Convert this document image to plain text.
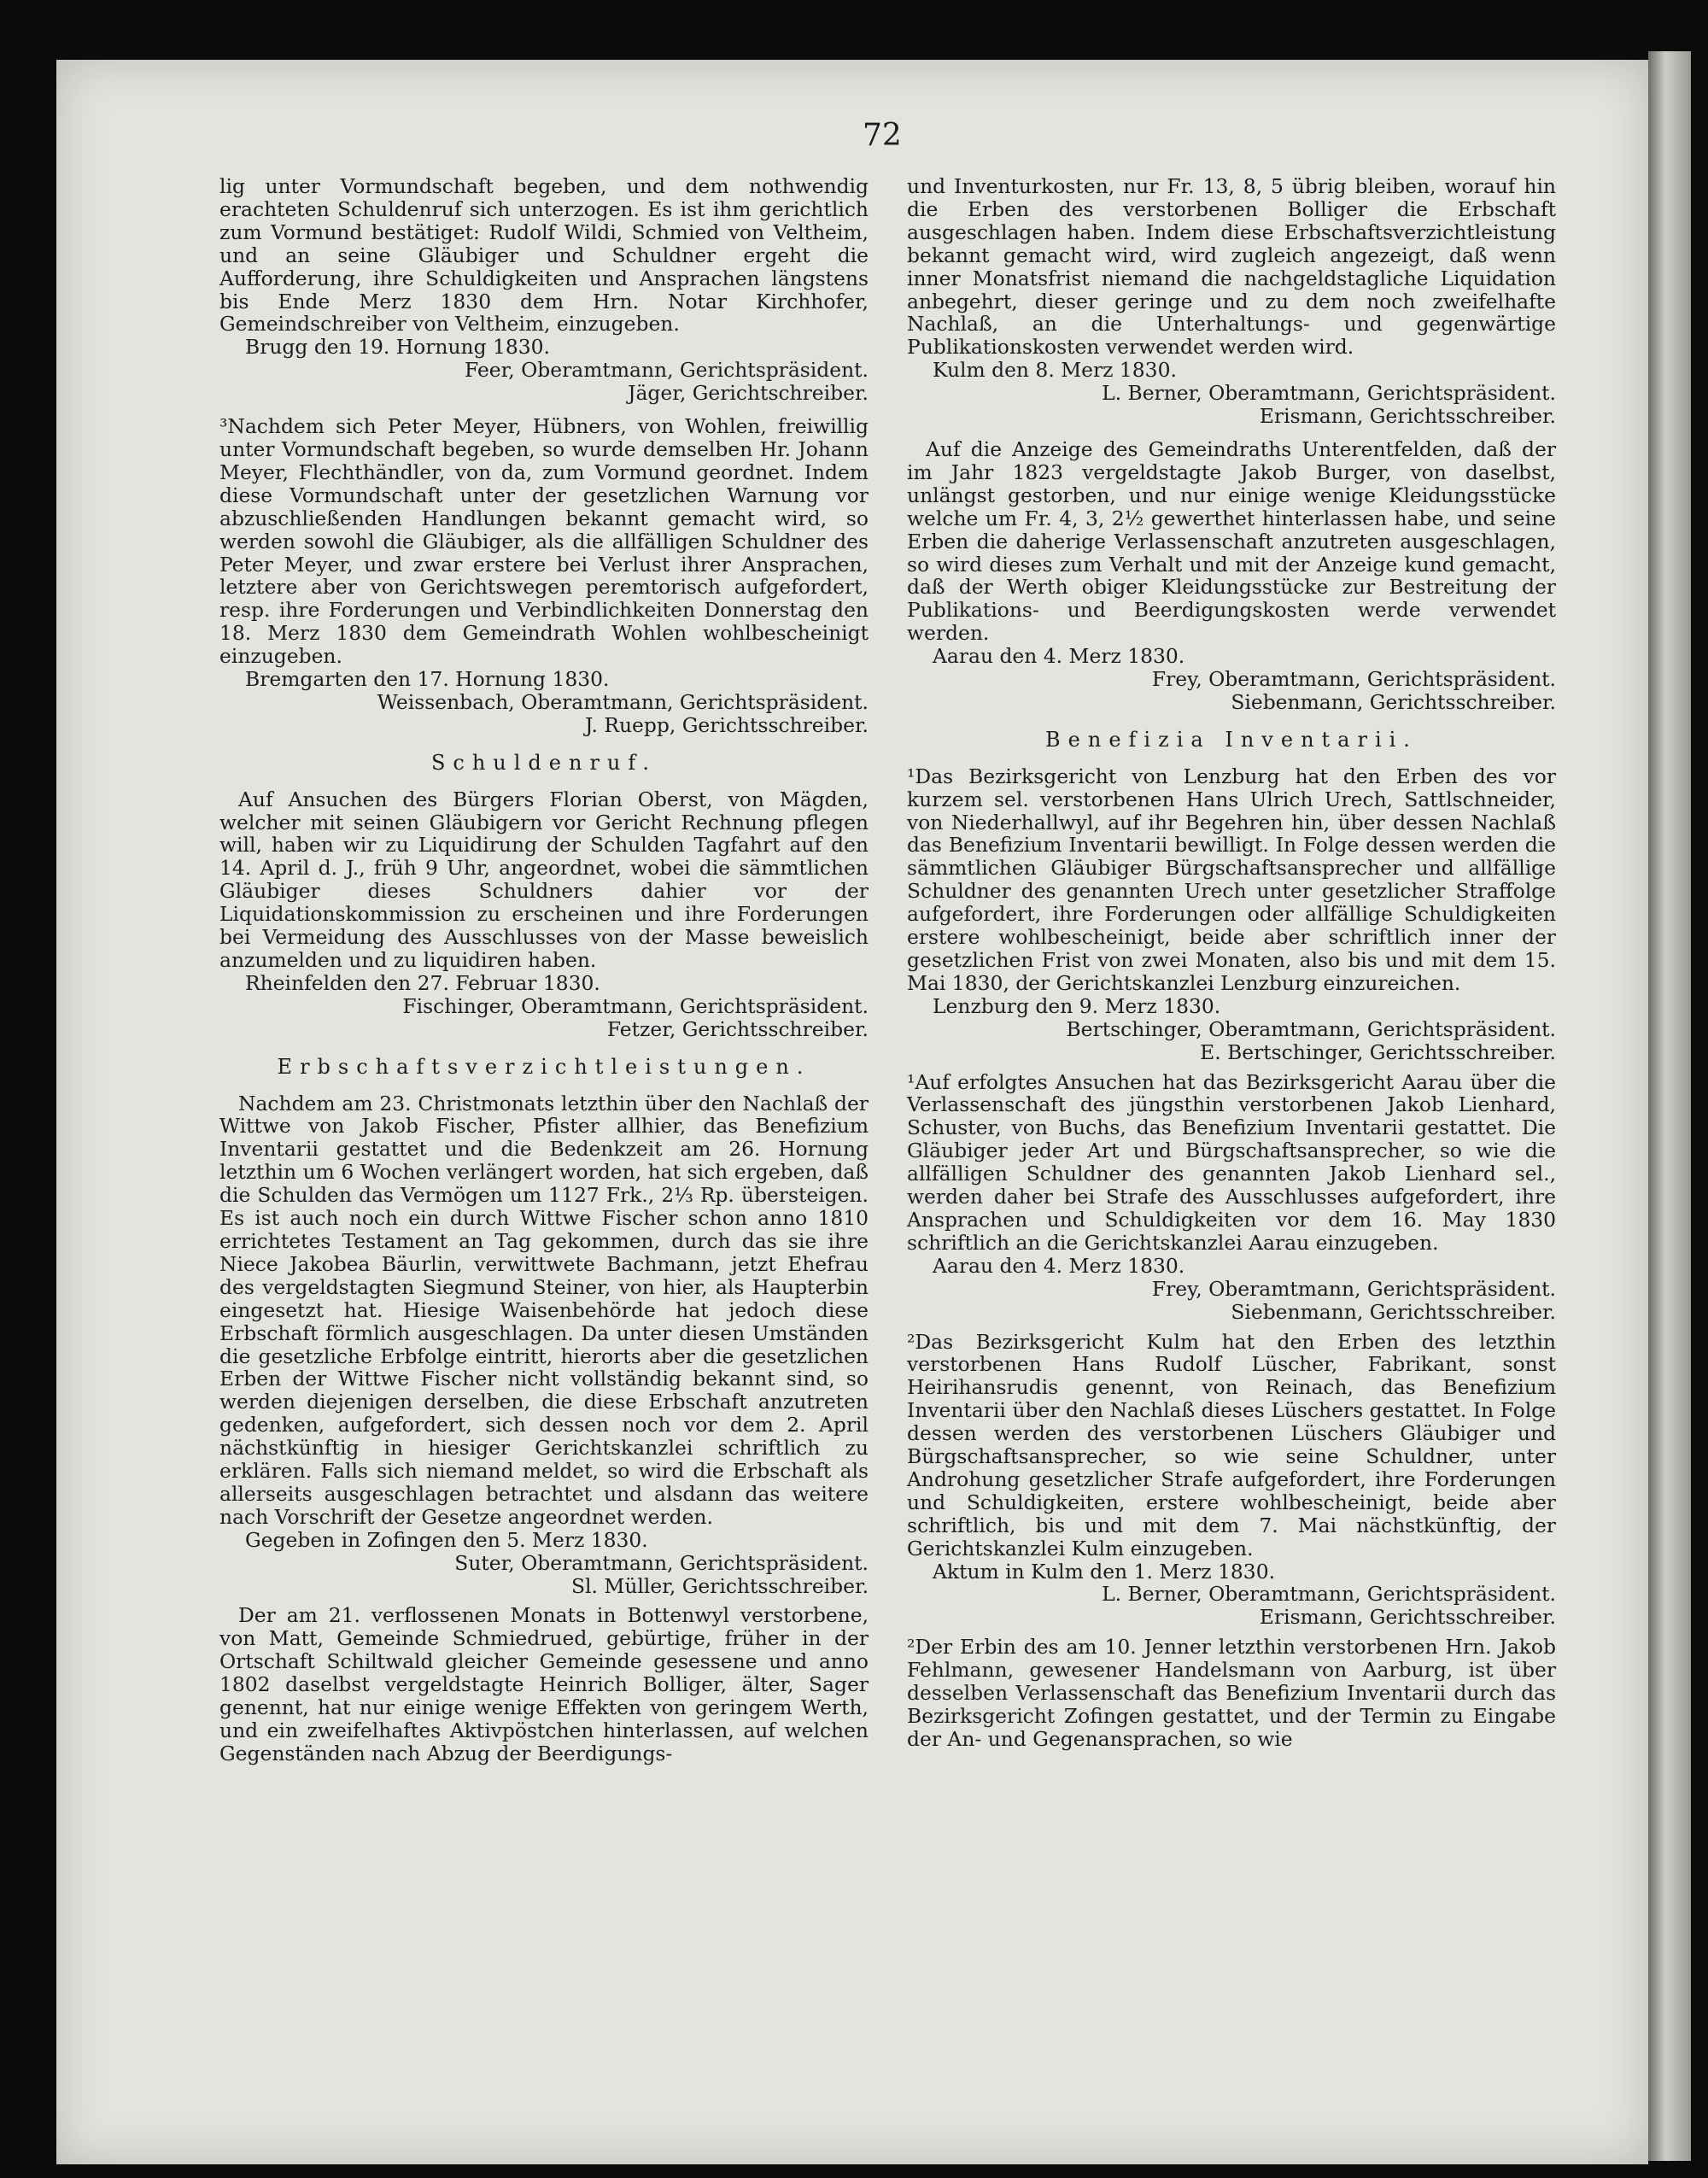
72

lig unter Vormundschaft begeben, und dem nothwendig erachteten Schuldenruf sich unterzogen. Es ist ihm gerichtlich zum Vormund bestätiget: Rudolf Wildi, Schmied von Veltheim, und an seine Gläubiger und Schuldner ergeht die Aufforderung, ihre Schuldigkeiten und Ansprachen längstens bis Ende Merz 1830 dem Hrn. Notar Kirchhofer, Gemeindschreiber von Veltheim, einzugeben.

Brugg den 19. Hornung 1830.

Feer, Oberamtmann, Gerichtspräsident.

Jäger, Gerichtschreiber.

³Nachdem sich Peter Meyer, Hübners, von Wohlen, freiwillig unter Vormundschaft begeben, so wurde demselben Hr. Johann Meyer, Flechthändler, von da, zum Vormund geordnet. Indem diese Vormundschaft unter der gesetzlichen Warnung vor abzuschließenden Handlungen bekannt gemacht wird, so werden sowohl die Gläubiger, als die allfälligen Schuldner des Peter Meyer, und zwar erstere bei Verlust ihrer Ansprachen, letztere aber von Gerichtswegen peremtorisch aufgefordert, resp. ihre Forderungen und Verbindlichkeiten Donnerstag den 18. Merz 1830 dem Gemeindrath Wohlen wohlbescheinigt einzugeben.

Bremgarten den 17. Hornung 1830.

Weissenbach, Oberamtmann, Gerichtspräsident.

J. Ruepp, Gerichtsschreiber.

Schuldenruf.

Auf Ansuchen des Bürgers Florian Oberst, von Mägden, welcher mit seinen Gläubigern vor Gericht Rechnung pflegen will, haben wir zu Liquidirung der Schulden Tagfahrt auf den 14. April d. J., früh 9 Uhr, angeordnet, wobei die sämmtlichen Gläubiger dieses Schuldners dahier vor der Liquidationskommission zu erscheinen und ihre Forderungen bei Vermeidung des Ausschlusses von der Masse beweislich anzumelden und zu liquidiren haben.

Rheinfelden den 27. Februar 1830.

Fischinger, Oberamtmann, Gerichtspräsident.

Fetzer, Gerichtsschreiber.

Erbschaftsverzichtleistungen.

Nachdem am 23. Christmonats letzthin über den Nachlaß der Wittwe von Jakob Fischer, Pfister allhier, das Benefizium Inventarii gestattet und die Bedenkzeit am 26. Hornung letzthin um 6 Wochen verlängert worden, hat sich ergeben, daß die Schulden das Vermögen um 1127 Frk., 2⅓ Rp. übersteigen. Es ist auch noch ein durch Wittwe Fischer schon anno 1810 errichtetes Testament an Tag gekommen, durch das sie ihre Niece Jakobea Bäurlin, verwittwete Bachmann, jetzt Ehefrau des vergeldstagten Siegmund Steiner, von hier, als Haupterbin eingesetzt hat. Hiesige Waisenbehörde hat jedoch diese Erbschaft förmlich ausgeschlagen. Da unter diesen Umständen die gesetzliche Erbfolge eintritt, hierorts aber die gesetzlichen Erben der Wittwe Fischer nicht vollständig bekannt sind, so werden diejenigen derselben, die diese Erbschaft anzutreten gedenken, aufgefordert, sich dessen noch vor dem 2. April nächstkünftig in hiesiger Gerichtskanzlei schriftlich zu erklären. Falls sich niemand meldet, so wird die Erbschaft als allerseits ausgeschlagen betrachtet und alsdann das weitere nach Vorschrift der Gesetze angeordnet werden.

Gegeben in Zofingen den 5. Merz 1830.

Suter, Oberamtmann, Gerichtspräsident.

Sl. Müller, Gerichtsschreiber.

Der am 21. verflossenen Monats in Bottenwyl verstorbene, von Matt, Gemeinde Schmiedrued, gebürtige, früher in der Ortschaft Schiltwald gleicher Gemeinde gesessene und anno 1802 daselbst vergeldstagte Heinrich Bolliger, älter, Sager genennt, hat nur einige wenige Effekten von geringem Werth, und ein zweifelhaftes Aktivpöstchen hinterlassen, auf welchen Gegenständen nach Abzug der Beerdigungs-

und Inventurkosten, nur Fr. 13, 8, 5 übrig bleiben, worauf hin die Erben des verstorbenen Bolliger die Erbschaft ausgeschlagen haben. Indem diese Erbschaftsverzichtleistung bekannt gemacht wird, wird zugleich angezeigt, daß wenn inner Monatsfrist niemand die nachgeldstagliche Liquidation anbegehrt, dieser geringe und zu dem noch zweifelhafte Nachlaß, an die Unterhaltungs- und gegenwärtige Publikationskosten verwendet werden wird.

Kulm den 8. Merz 1830.

L. Berner, Oberamtmann, Gerichtspräsident.

Erismann, Gerichtsschreiber.

Auf die Anzeige des Gemeindraths Unterentfelden, daß der im Jahr 1823 vergeldstagte Jakob Burger, von daselbst, unlängst gestorben, und nur einige wenige Kleidungsstücke welche um Fr. 4, 3, 2½ gewerthet hinterlassen habe, und seine Erben die daherige Verlassenschaft anzutreten ausgeschlagen, so wird dieses zum Verhalt und mit der Anzeige kund gemacht, daß der Werth obiger Kleidungsstücke zur Bestreitung der Publikations- und Beerdigungskosten werde verwendet werden.

Aarau den 4. Merz 1830.

Frey, Oberamtmann, Gerichtspräsident.

Siebenmann, Gerichtsschreiber.

Benefizia Inventarii.

¹Das Bezirksgericht von Lenzburg hat den Erben des vor kurzem sel. verstorbenen Hans Ulrich Urech, Sattlschneider, von Niederhallwyl, auf ihr Begehren hin, über dessen Nachlaß das Benefizium Inventarii bewilligt. In Folge dessen werden die sämmtlichen Gläubiger Bürgschaftsansprecher und allfällige Schuldner des genannten Urech unter gesetzlicher Straffolge aufgefordert, ihre Forderungen oder allfällige Schuldigkeiten erstere wohlbescheinigt, beide aber schriftlich inner der gesetzlichen Frist von zwei Monaten, also bis und mit dem 15. Mai 1830, der Gerichtskanzlei Lenzburg einzureichen.

Lenzburg den 9. Merz 1830.

Bertschinger, Oberamtmann, Gerichtspräsident.

E. Bertschinger, Gerichtsschreiber.

¹Auf erfolgtes Ansuchen hat das Bezirksgericht Aarau über die Verlassenschaft des jüngsthin verstorbenen Jakob Lienhard, Schuster, von Buchs, das Benefizium Inventarii gestattet. Die Gläubiger jeder Art und Bürgschaftsansprecher, so wie die allfälligen Schuldner des genannten Jakob Lienhard sel., werden daher bei Strafe des Ausschlusses aufgefordert, ihre Ansprachen und Schuldigkeiten vor dem 16. May 1830 schriftlich an die Gerichtskanzlei Aarau einzugeben.

Aarau den 4. Merz 1830.

Frey, Oberamtmann, Gerichtspräsident.

Siebenmann, Gerichtsschreiber.

²Das Bezirksgericht Kulm hat den Erben des letzthin verstorbenen Hans Rudolf Lüscher, Fabrikant, sonst Heirihansrudis genennt, von Reinach, das Benefizium Inventarii über den Nachlaß dieses Lüschers gestattet. In Folge dessen werden des verstorbenen Lüschers Gläubiger und Bürgschaftsansprecher, so wie seine Schuldner, unter Androhung gesetzlicher Strafe aufgefordert, ihre Forderungen und Schuldigkeiten, erstere wohlbescheinigt, beide aber schriftlich, bis und mit dem 7. Mai nächstkünftig, der Gerichtskanzlei Kulm einzugeben.

Aktum in Kulm den 1. Merz 1830.

L. Berner, Oberamtmann, Gerichtspräsident.

Erismann, Gerichtsschreiber.

²Der Erbin des am 10. Jenner letzthin verstorbenen Hrn. Jakob Fehlmann, gewesener Handelsmann von Aarburg, ist über desselben Verlassenschaft das Benefizium Inventarii durch das Bezirksgericht Zofingen gestattet, und der Termin zu Eingabe der An- und Gegenansprachen, so wie
